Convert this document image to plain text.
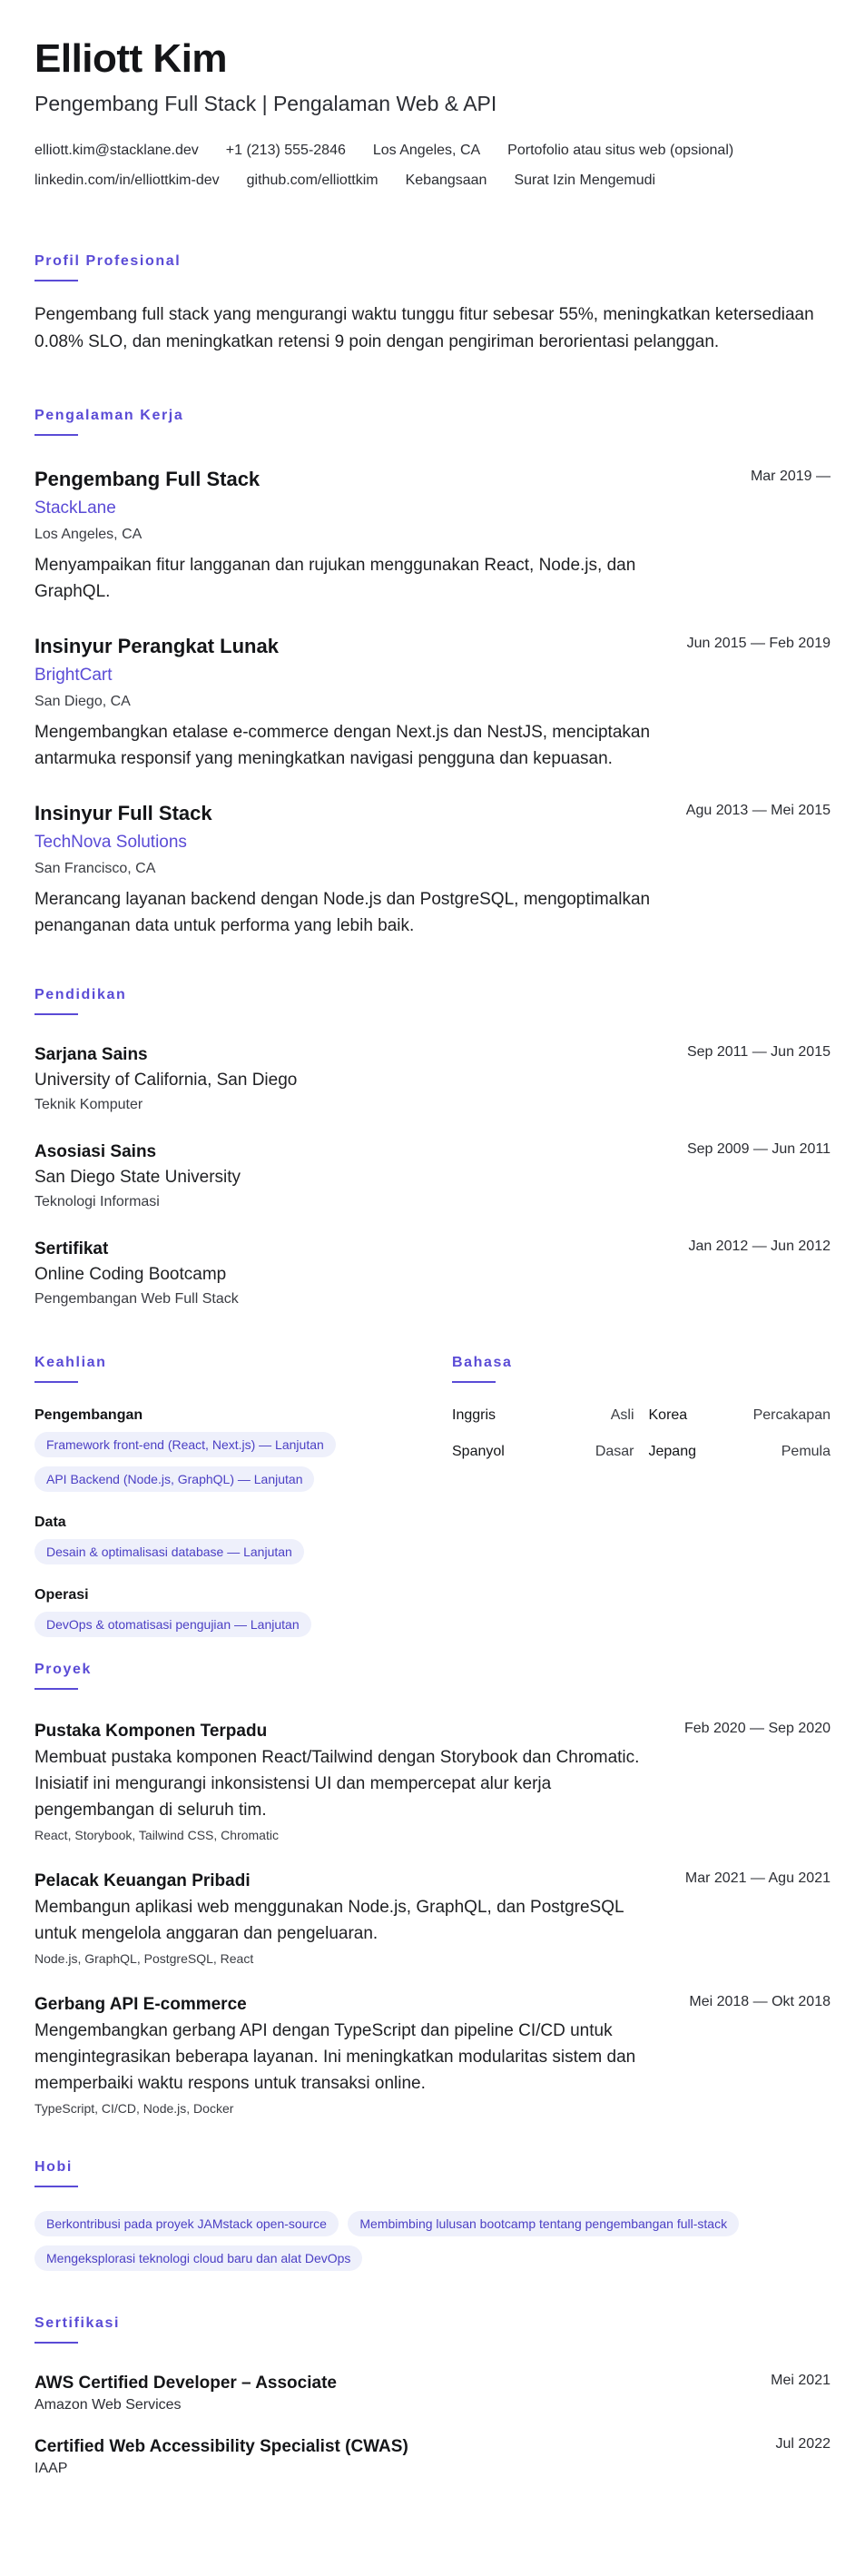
Elliott Kim
Pengembang Full Stack | Pengalaman Web & API
elliott.kim@stacklane.dev +1 (213) 555-2846 Los Angeles, CA Portofolio atau situs web (opsional)
linkedin.com/in/elliottkim-dev github.com/elliottkim Kebangsaan Surat Izin Mengemudi
Profil Profesional
Pengembang full stack yang mengurangi waktu tunggu fitur sebesar 55%, meningkatkan ketersediaan 0.08% SLO, dan meningkatkan retensi 9 poin dengan pengiriman berorientasi pelanggan.
Pengalaman Kerja
Pengembang Full Stack	Mar 2019 —
StackLane
Los Angeles, CA
Menyampaikan fitur langganan dan rujukan menggunakan React, Node.js, dan GraphQL.
Insinyur Perangkat Lunak	Jun 2015 — Feb 2019
BrightCart
San Diego, CA
Mengembangkan etalase e-commerce dengan Next.js dan NestJS, menciptakan antarmuka responsif yang meningkatkan navigasi pengguna dan kepuasan.
Insinyur Full Stack	Agu 2013 — Mei 2015
TechNova Solutions
San Francisco, CA
Merancang layanan backend dengan Node.js dan PostgreSQL, mengoptimalkan penanganan data untuk performa yang lebih baik.
Pendidikan
Sarjana Sains	Sep 2011 — Jun 2015
University of California, San Diego
Teknik Komputer
Asosiasi Sains	Sep 2009 — Jun 2011
San Diego State University
Teknologi Informasi
Sertifikat	Jan 2012 — Jun 2012
Online Coding Bootcamp
Pengembangan Web Full Stack
Keahlian
Pengembangan
Framework front-end (React, Next.js) — Lanjutan
API Backend (Node.js, GraphQL) — Lanjutan
Data
Desain & optimalisasi database — Lanjutan
Operasi
DevOps & otomatisasi pengujian — Lanjutan
Bahasa
Inggris	Asli Korea	Percakapan
Spanyol	Dasar Jepang	Pemula
Proyek
Pustaka Komponen Terpadu	Feb 2020 — Sep 2020
Membuat pustaka komponen React/Tailwind dengan Storybook dan Chromatic. Inisiatif ini mengurangi inkonsistensi UI dan mempercepat alur kerja pengembangan di seluruh tim.
React, Storybook, Tailwind CSS, Chromatic
Pelacak Keuangan Pribadi	Mar 2021 — Agu 2021
Membangun aplikasi web menggunakan Node.js, GraphQL, dan PostgreSQL untuk mengelola anggaran dan pengeluaran.
Node.js, GraphQL, PostgreSQL, React
Gerbang API E-commerce	Mei 2018 — Okt 2018
Mengembangkan gerbang API dengan TypeScript dan pipeline CI/CD untuk mengintegrasikan beberapa layanan. Ini meningkatkan modularitas sistem dan memperbaiki waktu respons untuk transaksi online.
TypeScript, CI/CD, Node.js, Docker
Hobi
Berkontribusi pada proyek JAMstack open-source	Membimbing lulusan bootcamp tentang pengembangan full-stack Mengeksplorasi teknologi cloud baru dan alat DevOps
Sertifikasi
AWS Certified Developer – Associate	Mei 2021
Amazon Web Services
Certified Web Accessibility Specialist (CWAS)	Jul 2022
IAAP
